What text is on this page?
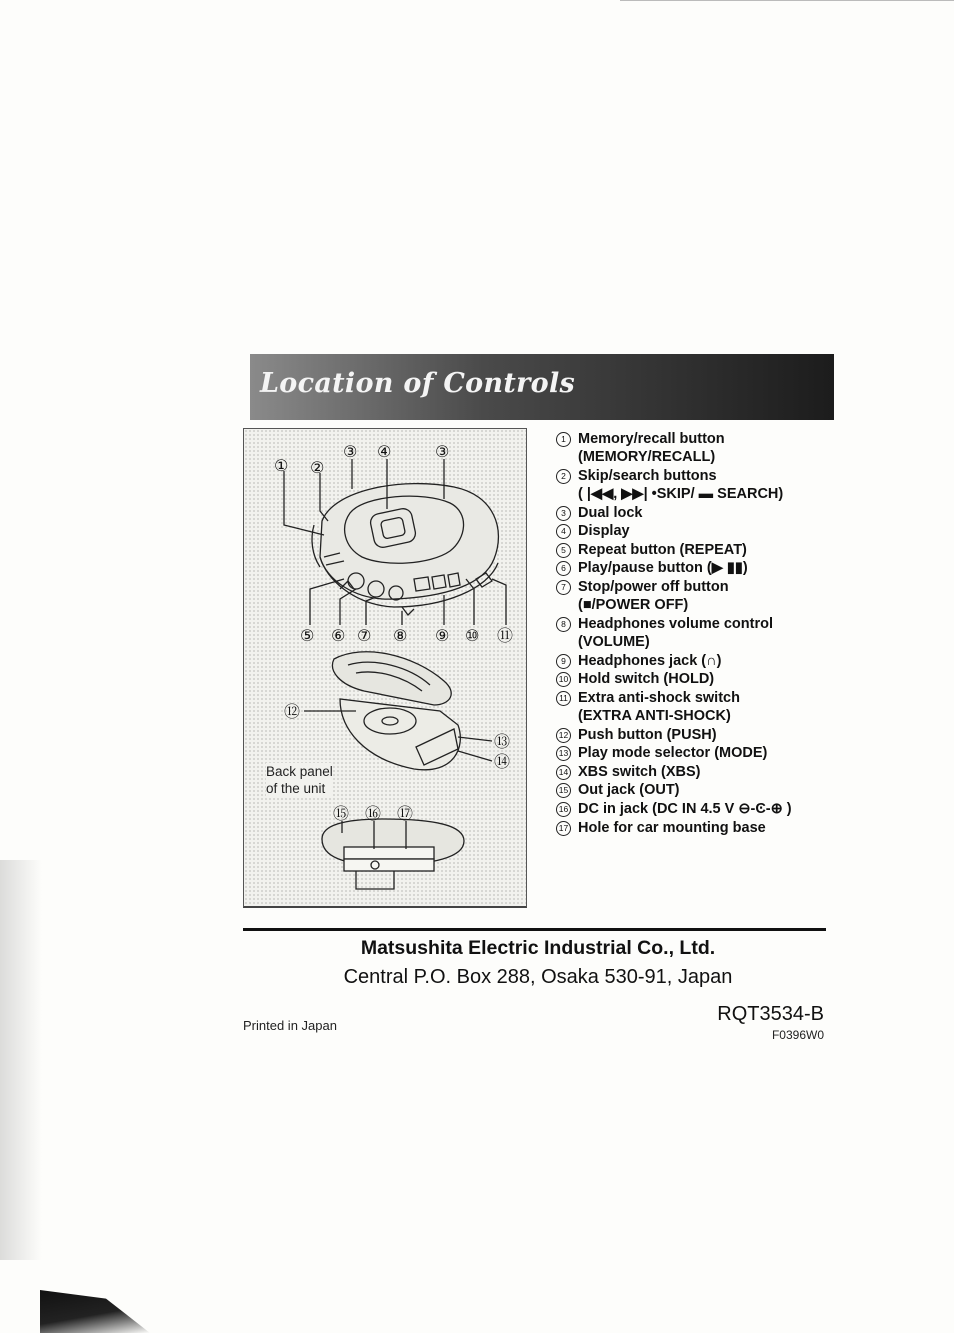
Location of Controls
① ②
③ ④	③
⑤ ⑥ ⑦ ⑧ ⑨ ⑩ ⑪
⑫
⑬
⑭
⑮ ⑯ ⑰
Back panel
of the unit
1 Memory/recall button
(MEMORY/RECALL)
2 Skip/search buttons
( |◀◀, ▶▶| •SKIP/ ▬ SEARCH)
3 Dual lock
4 Display
5 Repeat button (REPEAT)
6 Play/pause button (▶ ▮▮)
7 Stop/power off button
(■/POWER OFF)
8 Headphones volume control
(VOLUME)
9 Headphones jack (∩)
10 Hold switch (HOLD)
11 Extra anti-shock switch
(EXTRA ANTI-SHOCK)
12 Push button (PUSH)
13 Play mode selector (MODE)
14 XBS switch (XBS)
15 Out jack (OUT)
16 DC in jack (DC IN 4.5 V ⊖-Ͼ-⊕ )
17 Hole for car mounting base
Matsushita Electric Industrial Co., Ltd.
Central P.O. Box 288, Osaka 530-91, Japan
Printed in Japan
RQT3534-B
F0396W0
